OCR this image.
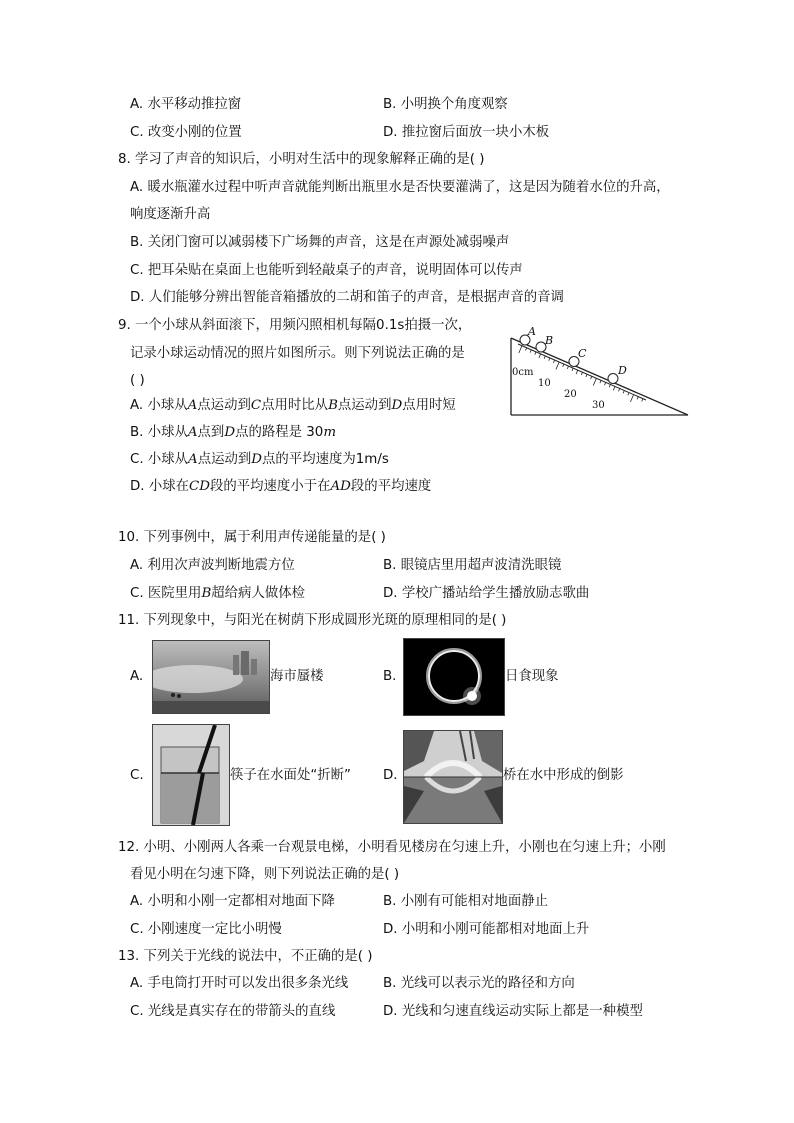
A. 水平移动推拉窗	B. 小明换个角度观察
C. 改变小刚的位置	D. 推拉窗后面放一块小木板
8. 学习了声音的知识后，小明对生活中的现象解释正确的是( )
A. 暖水瓶灌水过程中听声音就能判断出瓶里水是否快要灌满了，这是因为随着水位的升高，
响度逐渐升高
B. 关闭门窗可以减弱楼下广场舞的声音，这是在声源处减弱噪声
C. 把耳朵贴在桌面上也能听到轻敲桌子的声音，说明固体可以传声
D. 人们能够分辨出智能音箱播放的二胡和笛子的声音，是根据声音的音调
9. 一个小球从斜面滚下，用频闪照相机每隔0.1s拍摄一次，
记录小球运动情况的照片如图所示。则下列说法正确的是
( )
A. 小球从A点运动到C点用时比从B点运动到D点用时短
B. 小球从A点到D点的路程是 30m
C. 小球从A点运动到D点的平均速度为1m/s
D. 小球在CD段的平均速度小于在AD段的平均速度
A
B
C
D
0cm
10
20
30
10. 下列事例中，属于利用声传递能量的是( )
A. 利用次声波判断地震方位	B. 眼镜店里用超声波清洗眼镜
C. 医院里用B超给病人做体检	D. 学校广播站给学生播放励志歌曲
11. 下列现象中，与阳光在树荫下形成圆形光斑的原理相同的是( )
A.	海市蜃楼	B.	日食现象
C.	筷子在水面处“折断” D.	桥在水中形成的倒影
12. 小明、小刚两人各乘一台观景电梯，小明看见楼房在匀速上升，小刚也在匀速上升；小刚
看见小明在匀速下降，则下列说法正确的是( )
A. 小明和小刚一定都相对地面下降	B. 小刚有可能相对地面静止
C. 小刚速度一定比小明慢	D. 小明和小刚可能都相对地面上升
13. 下列关于光线的说法中，不正确的是( )
A. 手电筒打开时可以发出很多条光线	B. 光线可以表示光的路径和方向
C. 光线是真实存在的带箭头的直线	D. 光线和匀速直线运动实际上都是一种模型
